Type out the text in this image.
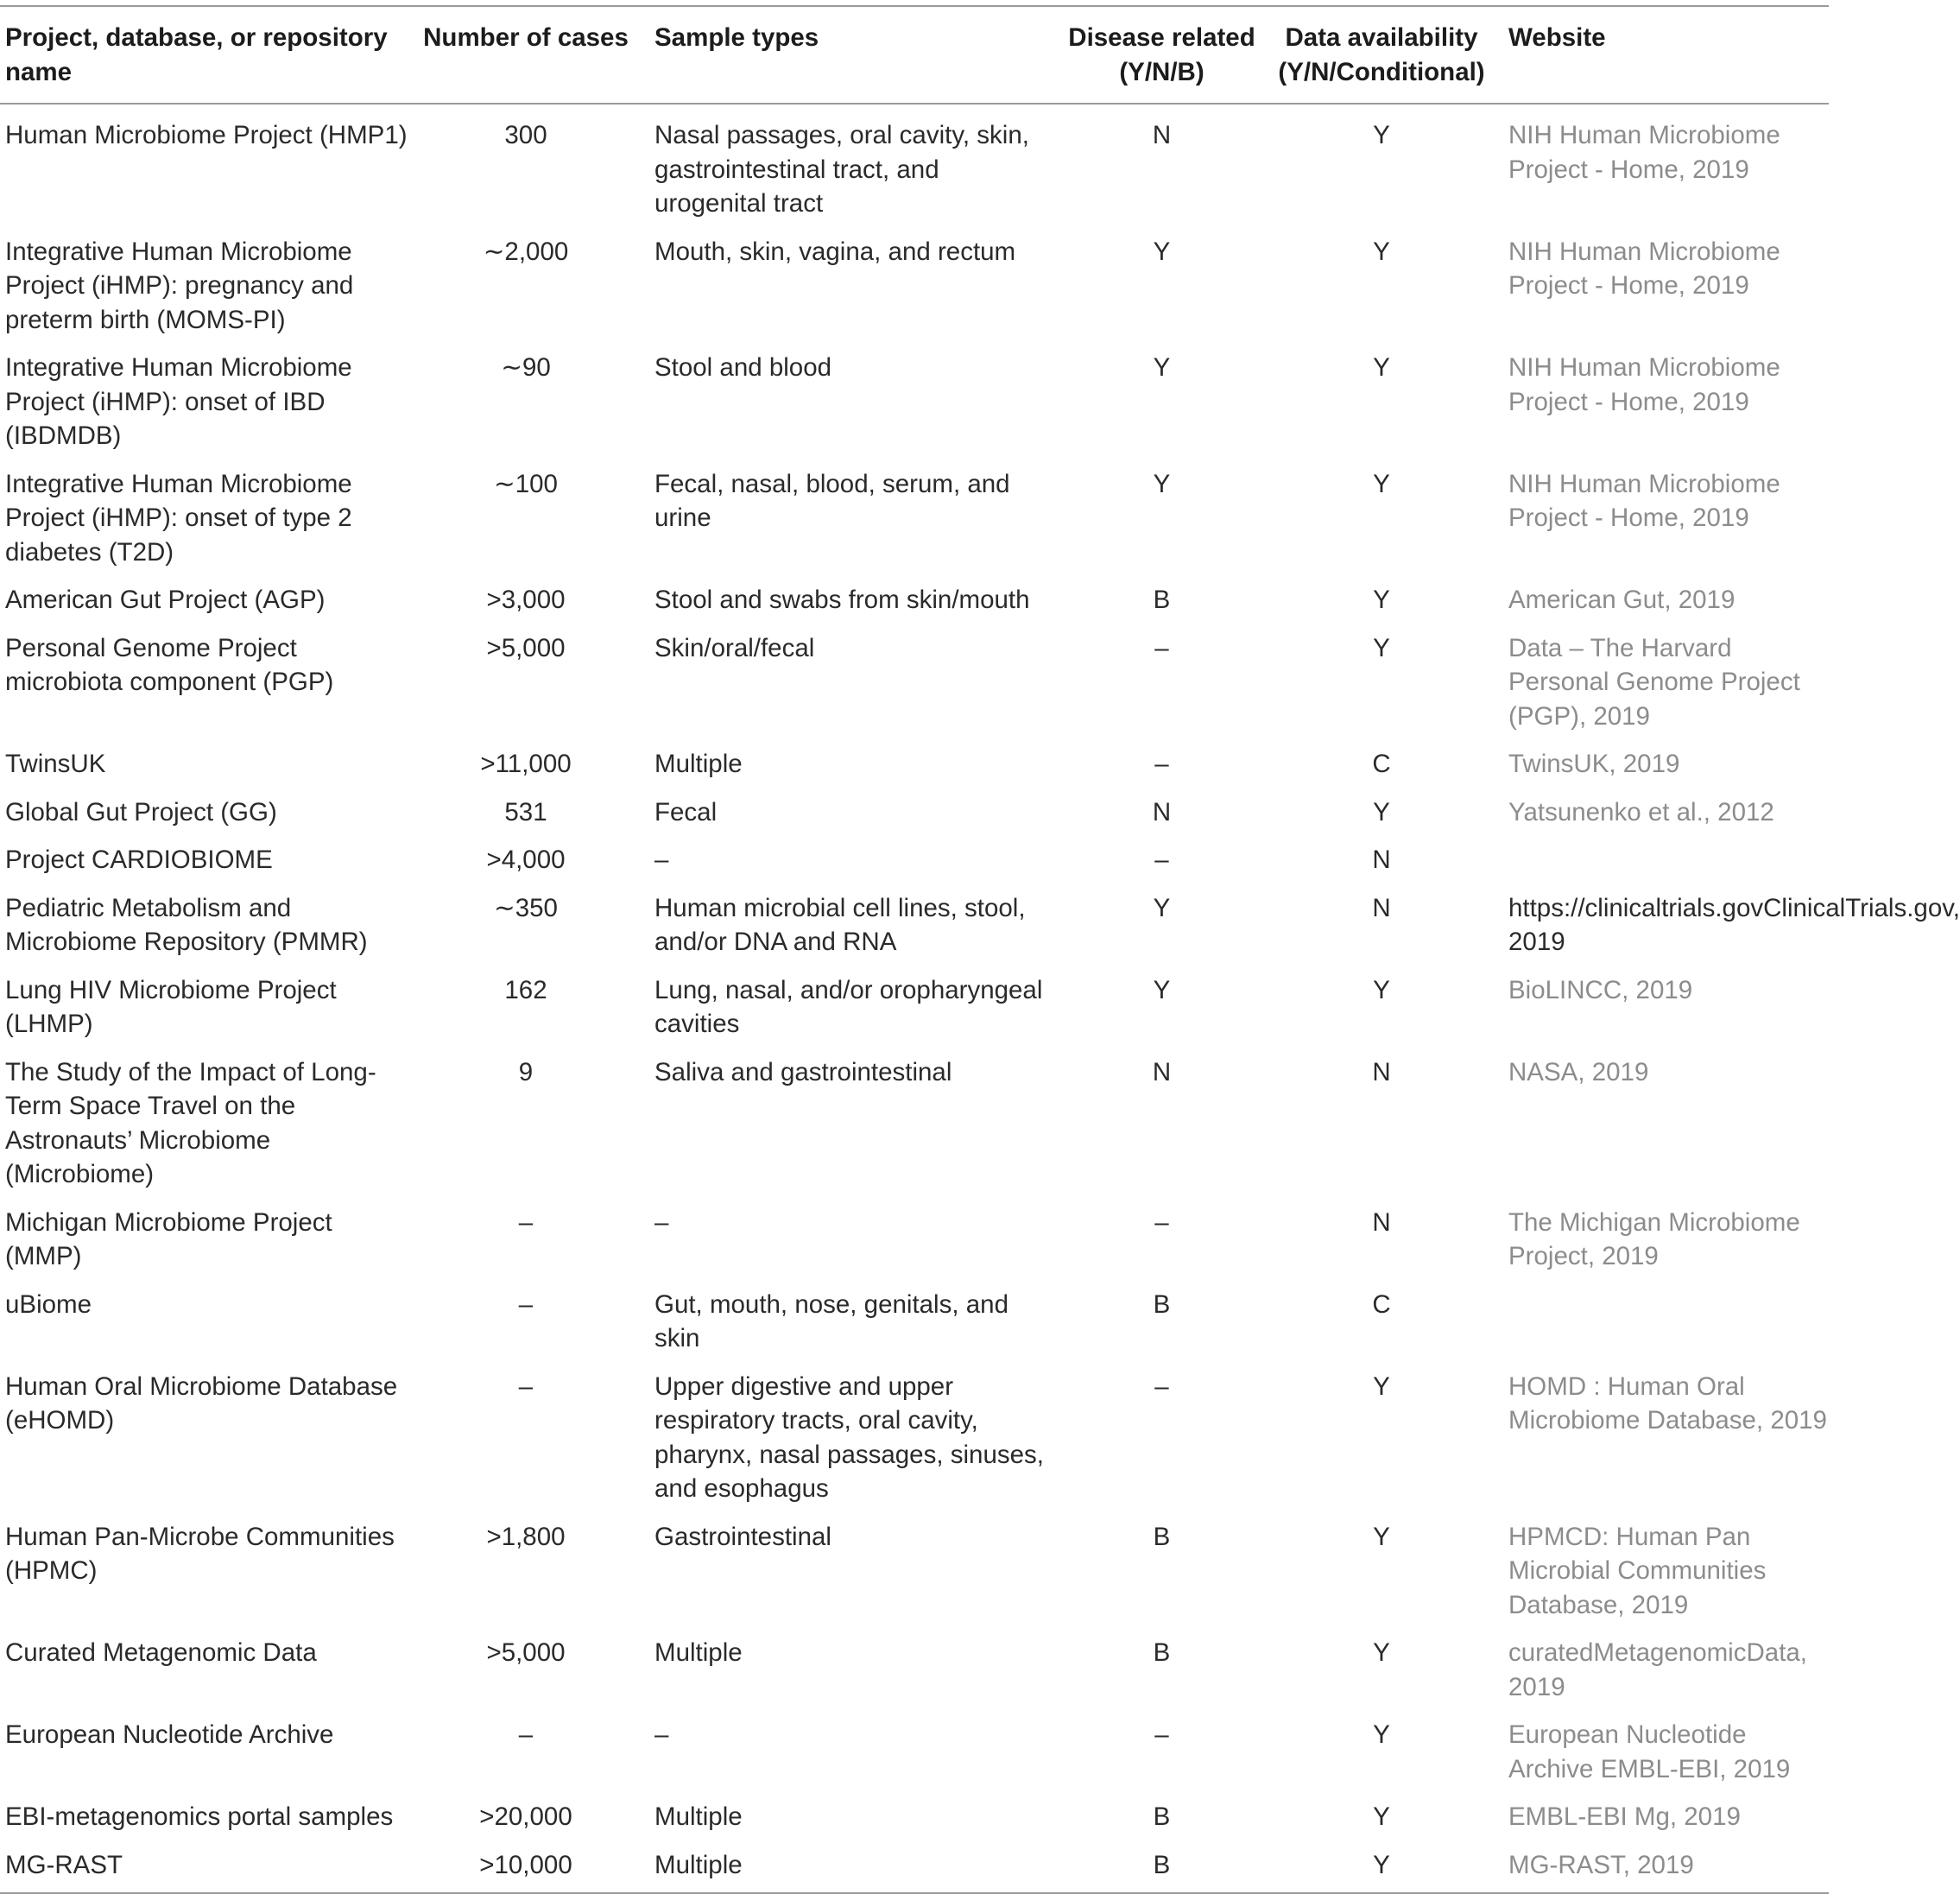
Project, database, or repository name	Number of cases	Sample types	Disease related (Y/N/B)	Data availability (Y/N/Conditional)	Website
Human Microbiome Project (HMP1)	300	Nasal passages, oral cavity, skin, gastrointestinal tract, and urogenital tract	N	Y	NIH Human Microbiome Project - Home, 2019
Integrative Human Microbiome Project (iHMP): pregnancy and preterm birth (MOMS-PI)	∼2,000	Mouth, skin, vagina, and rectum	Y	Y	NIH Human Microbiome Project - Home, 2019
Integrative Human Microbiome Project (iHMP): onset of IBD (IBDMDB)	∼90	Stool and blood	Y	Y	NIH Human Microbiome Project - Home, 2019
Integrative Human Microbiome Project (iHMP): onset of type 2 diabetes (T2D)	∼100	Fecal, nasal, blood, serum, and urine	Y	Y	NIH Human Microbiome Project - Home, 2019
American Gut Project (AGP)	>3,000	Stool and swabs from skin/mouth	B	Y	American Gut, 2019
Personal Genome Project microbiota component (PGP)	>5,000	Skin/oral/fecal	–	Y	Data – The Harvard Personal Genome Project (PGP), 2019
TwinsUK	>11,000	Multiple	–	C	TwinsUK, 2019
Global Gut Project (GG)	531	Fecal	N	Y	Yatsunenko et al., 2012
Project CARDIOBIOME	>4,000	–	–	N	
Pediatric Metabolism and Microbiome Repository (PMMR)	∼350	Human microbial cell lines, stool, and/or DNA and RNA	Y	N	https://clinicaltrials.govClinicalTrials.gov, 2019
Lung HIV Microbiome Project (LHMP)	162	Lung, nasal, and/or oropharyngeal cavities	Y	Y	BioLINCC, 2019
The Study of the Impact of Long-Term Space Travel on the Astronauts’ Microbiome (Microbiome)	9	Saliva and gastrointestinal	N	N	NASA, 2019
Michigan Microbiome Project (MMP)	–	–	–	N	The Michigan Microbiome Project, 2019
uBiome	–	Gut, mouth, nose, genitals, and skin	B	C	
Human Oral Microbiome Database (eHOMD)	–	Upper digestive and upper respiratory tracts, oral cavity, pharynx, nasal passages, sinuses, and esophagus	–	Y	HOMD : Human Oral Microbiome Database, 2019
Human Pan-Microbe Communities (HPMC)	>1,800	Gastrointestinal	B	Y	HPMCD: Human Pan Microbial Communities Database, 2019
Curated Metagenomic Data	>5,000	Multiple	B	Y	curatedMetagenomicData, 2019
European Nucleotide Archive	–	–	–	Y	European Nucleotide Archive EMBL-EBI, 2019
EBI-metagenomics portal samples	>20,000	Multiple	B	Y	EMBL-EBI Mg, 2019
MG-RAST	>10,000	Multiple	B	Y	MG-RAST, 2019
